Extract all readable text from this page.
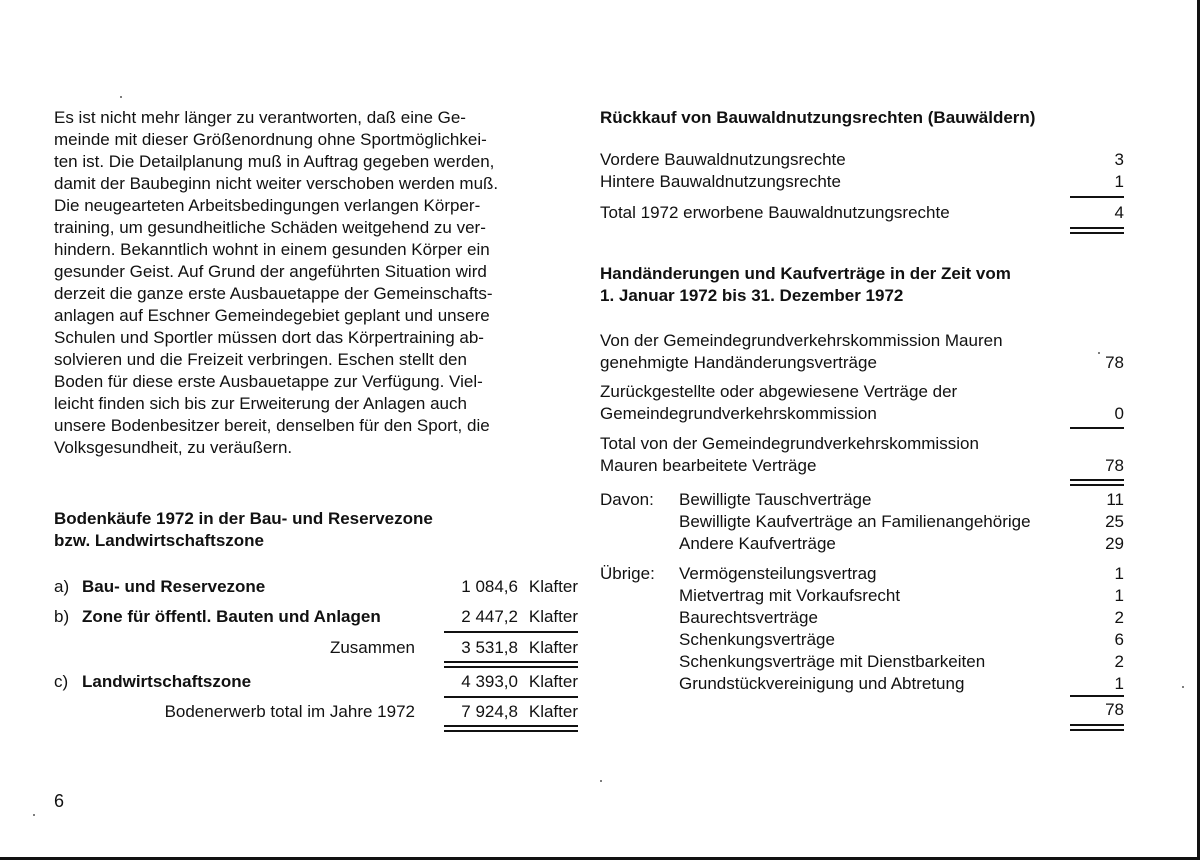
Es ist nicht mehr länger zu verantworten, daß eine Ge-
meinde mit dieser Größenordnung ohne Sportmöglichkei-
ten ist. Die Detailplanung muß in Auftrag gegeben werden,
damit der Baubeginn nicht weiter verschoben werden muß.
Die neugearteten Arbeitsbedingungen verlangen Körper-
training, um gesundheitliche Schäden weitgehend zu ver-
hindern. Bekanntlich wohnt in einem gesunden Körper ein
gesunder Geist. Auf Grund der angeführten Situation wird
derzeit die ganze erste Ausbauetappe der Gemeinschafts-
anlagen auf Eschner Gemeindegebiet geplant und unsere
Schulen und Sportler müssen dort das Körpertraining ab-
solvieren und die Freizeit verbringen. Eschen stellt den
Boden für diese erste Ausbauetappe zur Verfügung. Viel-
leicht finden sich bis zur Erweiterung der Anlagen auch
unsere Bodenbesitzer bereit, denselben für den Sport, die
Volksgesundheit, zu veräußern.
Bodenkäufe 1972 in der Bau- und Reservezone
bzw. Landwirtschaftszone
a) Bau- und Reservezone	1 084,6 Klafter
b) Zone für öffentl. Bauten und Anlagen	2 447,2 Klafter
Zusammen	3 531,8 Klafter
c) Landwirtschaftszone	4 393,0 Klafter
Bodenerwerb total im Jahre 1972	7 924,8 Klafter
Rückkauf von Bauwaldnutzungsrechten (Bauwäldern)
Vordere Bauwaldnutzungsrechte	3
Hintere Bauwaldnutzungsrechte	1
Total 1972 erworbene Bauwaldnutzungsrechte	4
Handänderungen und Kaufverträge in der Zeit vom
1. Januar 1972 bis 31. Dezember 1972
Von der Gemeindegrundverkehrskommission Mauren
genehmigte Handänderungsverträge	78
Zurückgestellte oder abgewiesene Verträge der
Gemeindegrundverkehrskommission	0
Total von der Gemeindegrundverkehrskommission
Mauren bearbeitete Verträge	78
Davon: Bewilligte Tauschverträge	11
Bewilligte Kaufverträge an Familienangehörige	25
Andere Kaufverträge	29
Übrige: Vermögensteilungsvertrag	1
Mietvertrag mit Vorkaufsrecht	1
Baurechtsverträge	2
Schenkungsverträge	6
Schenkungsverträge mit Dienstbarkeiten	2
Grundstückvereinigung und Abtretung	1
78
6
